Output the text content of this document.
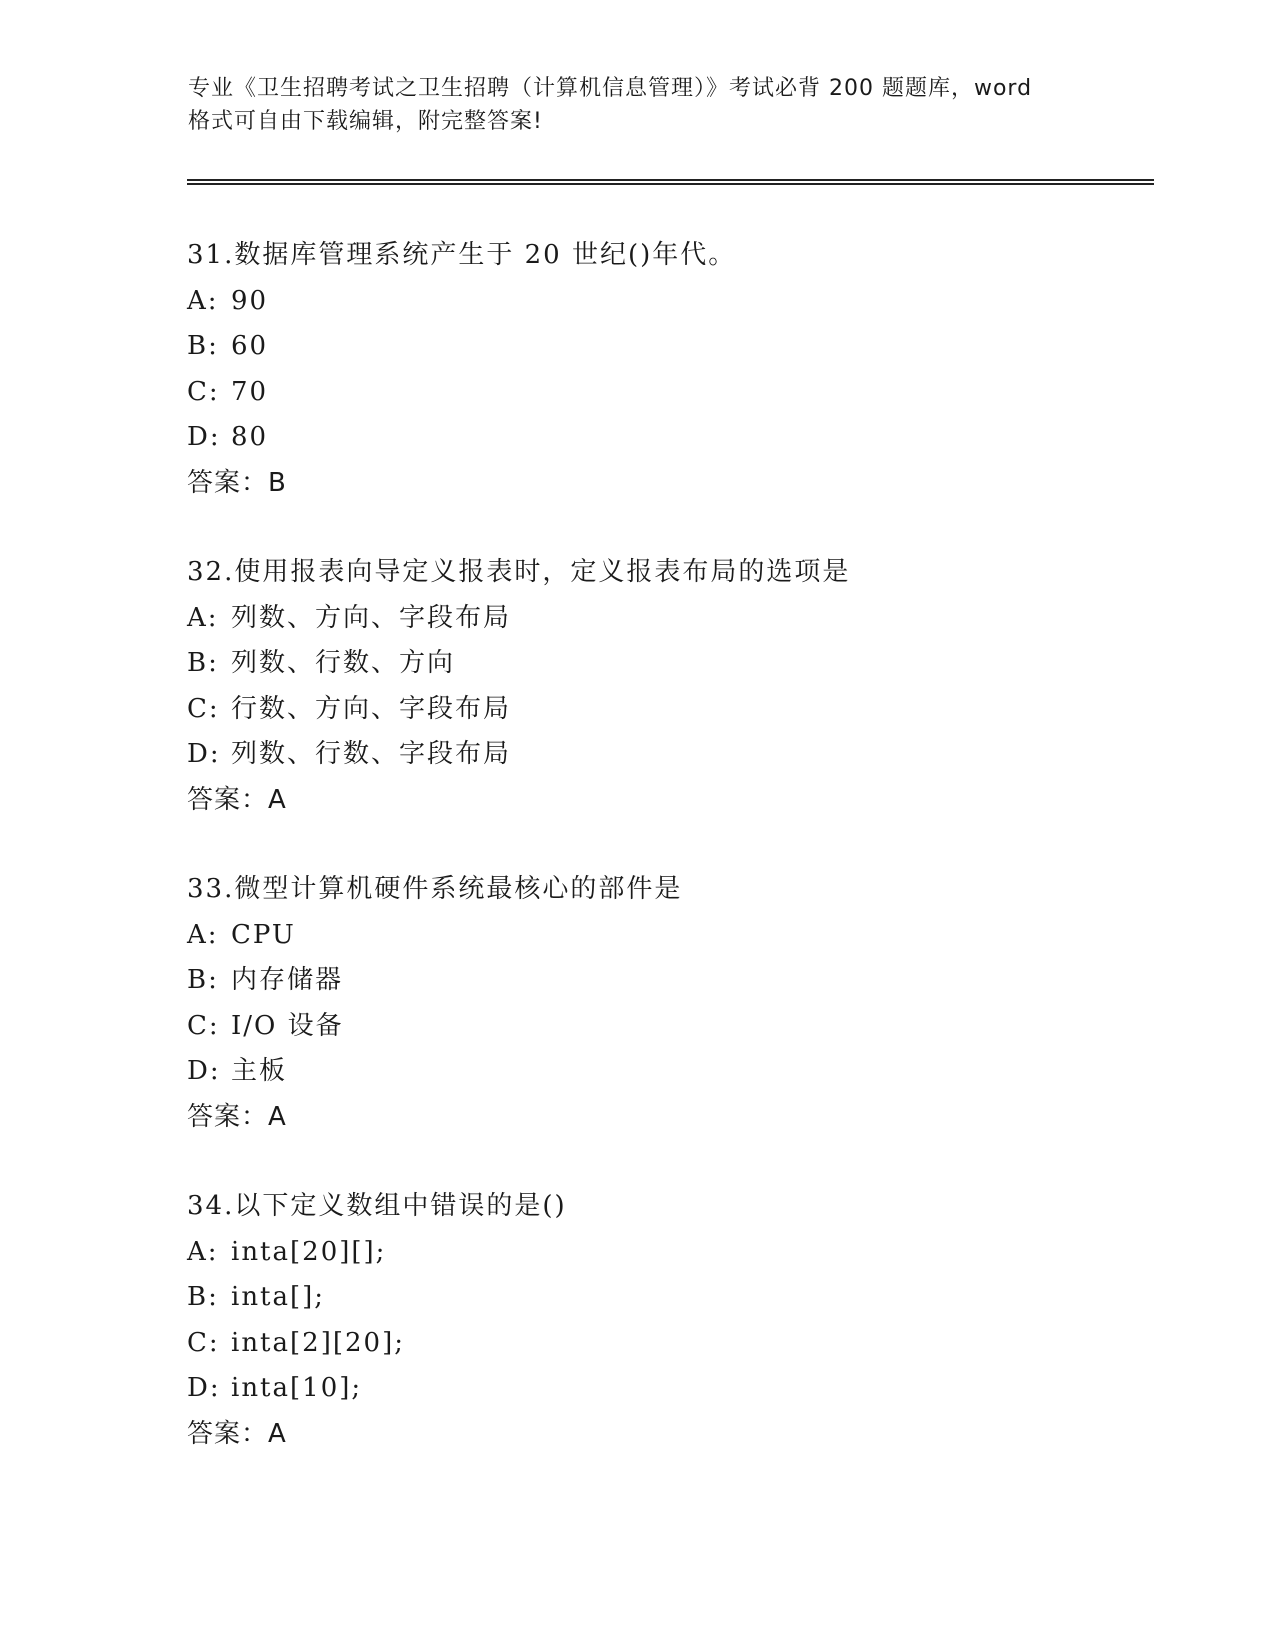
专业《卫生招聘考试之卫生招聘（计算机信息管理）》考试必背 200 题题库，word
格式可自由下载编辑，附完整答案!
31.数据库管理系统产生于 20 世纪()年代。
A: 90
B: 60
C: 70
D: 80
答案：B
32.使用报表向导定义报表时，定义报表布局的选项是
A: 列数、方向、字段布局
B: 列数、行数、方向
C: 行数、方向、字段布局
D: 列数、行数、字段布局
答案：A
33.微型计算机硬件系统最核心的部件是
A: CPU
B: 内存储器
C: I/O 设备
D: 主板
答案：A
34.以下定义数组中错误的是()
A: inta[20][];
B: inta[];
C: inta[2][20];
D: inta[10];
答案：A
